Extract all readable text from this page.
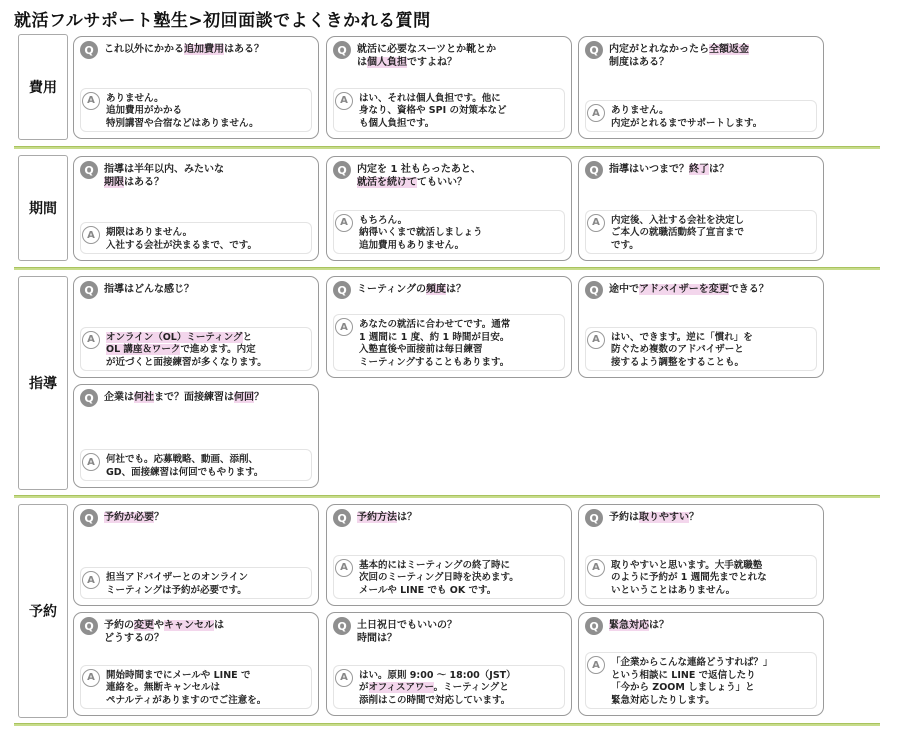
就活フルサポート塾生>初回面談でよくきかれる質問
費用
Q	これ以外にかかる追加費用はある？
A	ありません。
追加費用がかかる
特別講習や合宿などはありません。
Q	就活に必要なスーツとか靴とか
は個人負担ですよね？
A	はい、それは個人負担です。他に
身なり、資格や SPI の対策本など
も個人負担です。
Q	内定がとれなかったら全額返金
制度はある？
A	ありません。
内定がとれるまでサポートします。
期間
Q	指導は半年以内、みたいな
期限はある？
A	期限はありません。
入社する会社が決まるまで、です。
Q	内定を 1 社もらったあと、
就活を続けててもいい？
A	もちろん。
納得いくまで就活しましょう
追加費用もありません。
Q	指導はいつまで？終了は？
A	内定後、入社する会社を決定し
ご本人の就職活動終了宣言まで
です。
指導
Q	指導はどんな感じ？
A	オンライン（OL）ミーティングと
OL 講座＆ワークで進めます。内定
が近づくと面接練習が多くなります。
Q	ミーティングの頻度は？
A	あなたの就活に合わせてです。通常
1 週間に 1 度、約 1 時間が目安。
入塾直後や面接前は毎日練習
ミーティングすることもあります。
Q	途中でアドバイザーを変更できる？
A	はい、できます。逆に「慣れ」を
防ぐため複数のアドバイザーと
接するよう調整をすることも。
Q	企業は何社まで？面接練習は何回？
A	何社でも。応募戦略、動画、添削、
GD、面接練習は何回でもやります。
予約
Q	予約が必要？
A	担当アドバイザーとのオンライン
ミーティングは予約が必要です。
Q	予約方法は？
A	基本的にはミーティングの終了時に
次回のミーティング日時を決めます。
メールや LINE でも OK です。
Q	予約は取りやすい？
A	取りやすいと思います。大手就職塾
のように予約が 1 週間先までとれな
いということはありません。
Q	予約の変更やキャンセルは
どうするの？
A	開始時間までにメールや LINE で
連絡を。無断キャンセルは
ペナルティがありますのでご注意を。
Q	土日祝日でもいいの？
時間は？
A	はい。原則 9:00 ～ 18:00（JST）
がオフィスアワー。ミーティングと
添削はこの時間で対応しています。
Q	緊急対応は？
A	「企業からこんな連絡どうすれば？」
という相談に LINE で返信したり
「今から ZOOM しましょう」と
緊急対応したりします。
